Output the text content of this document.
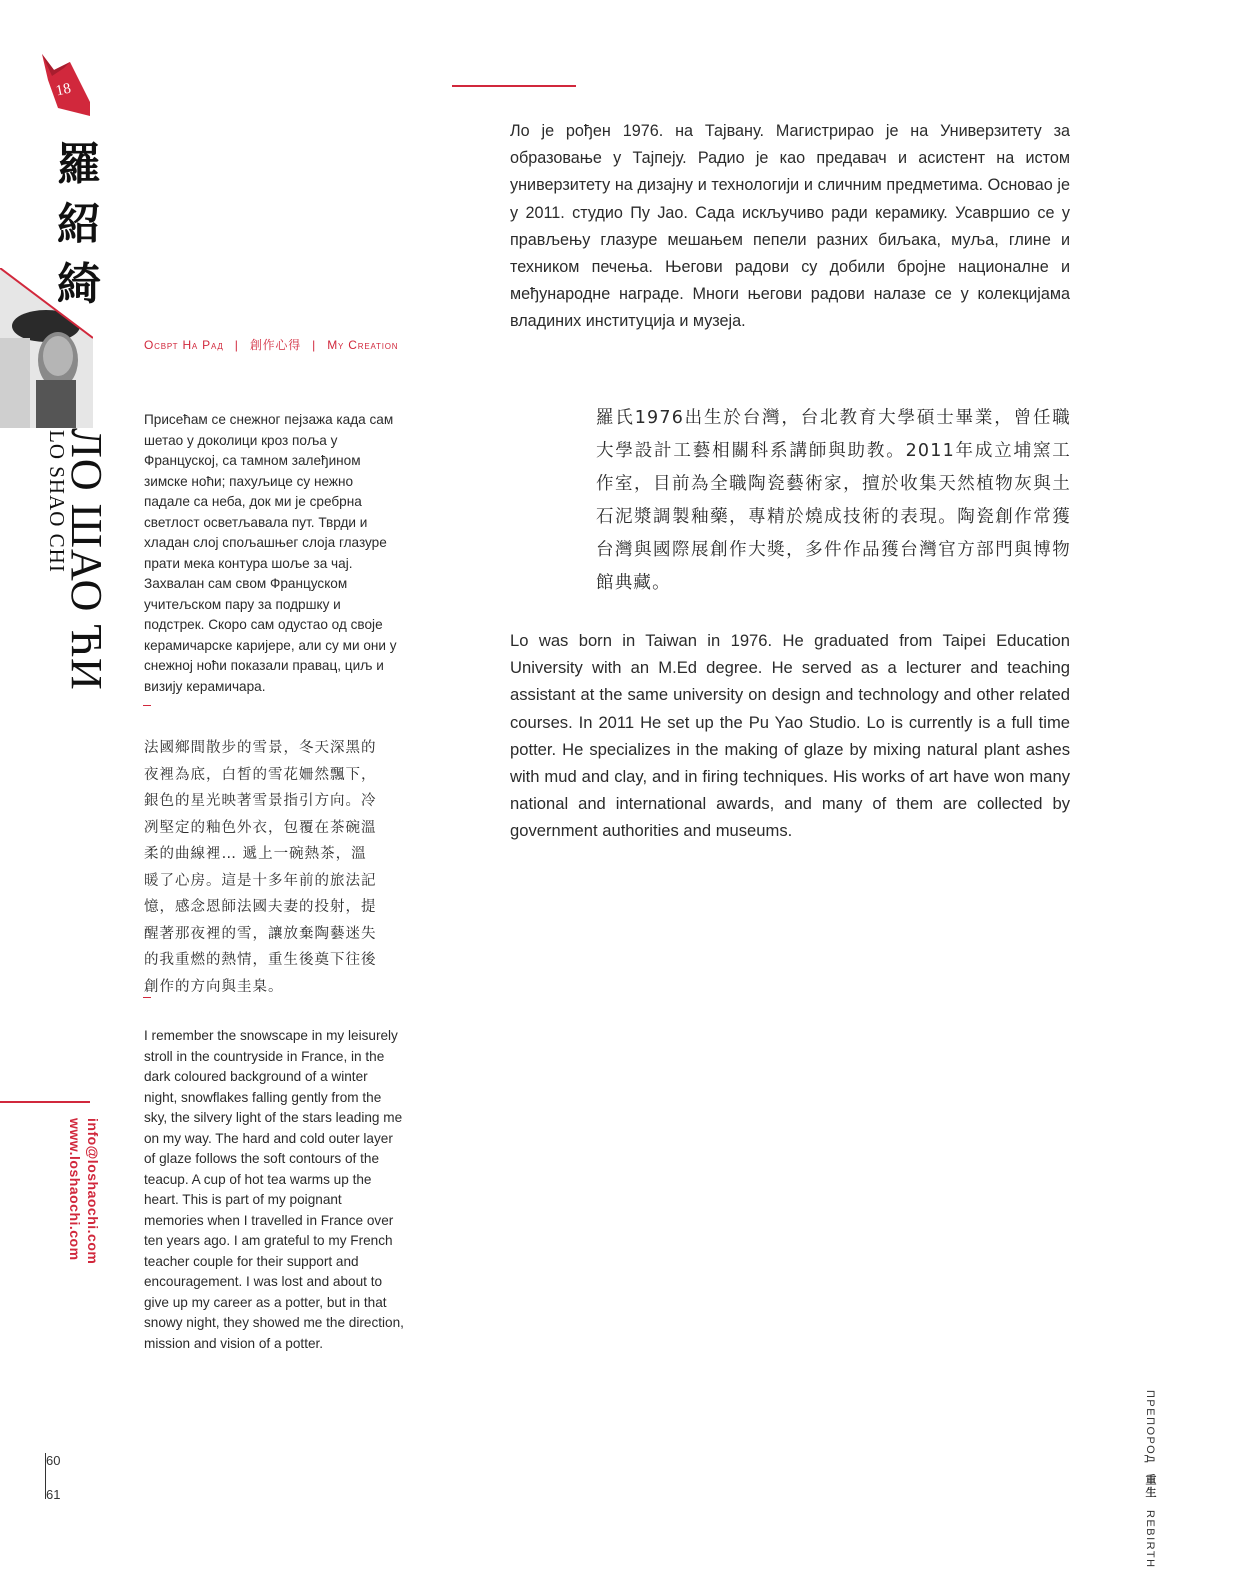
18
羅
紹
綺
ЛО ШАО ЋИ
LO SHAO CHI
info@loshaochi.com
www.loshaochi.com
60
61
Осврт На Рад | 創作心得 | My Creation
Присећам се снежног пејзажа када сам шетао у доколици кроз поља у Француској, са тамном залеђином зимске ноћи; пахуљице су нежно падале са неба, док ми је сребрна светлост осветљавала пут. Тврди и хладан слој спољашњег слоја глазуре прати мека контура шоље за чај. Захвалан сам свом Француском учитељском пару за подршку и подстрек. Скоро сам одустао од своје керамичарске каријере, али су ми они у снежној ноћи показали правац, циљ и визију керамичара.
法國鄉間散步的雪景，冬天深黑的夜裡為底，白皙的雪花姍然飄下，銀色的星光映著雪景指引方向。冷冽堅定的釉色外衣，包覆在茶碗溫柔的曲線裡… 遞上一碗熱茶，溫暖了心房。這是十多年前的旅法記憶，感念恩師法國夫妻的投射，提醒著那夜裡的雪，讓放棄陶藝迷失的我重燃的熱情，重生後奠下往後創作的方向與圭臬。
I remember the snowscape in my leisurely stroll in the countryside in France, in the dark coloured background of a winter night, snowflakes falling gently from the sky, the silvery light of the stars leading me on my way. The hard and cold outer layer of glaze follows the soft contours of the teacup. A cup of hot tea warms up the heart. This is part of my poignant memories when I travelled in France over ten years ago. I am grateful to my French teacher couple for their support and encouragement. I was lost and about to give up my career as a potter, but in that snowy night, they showed me the direction, mission and vision of a potter.
Ло је рођен 1976. на Тајвану. Магистрирао је на Универзитету за образовање у Тајпеју. Радио је као предавач и асистент на истом универзитету на дизајну и технологији и сличним предметима. Основао је у 2011. студио Пу Јао. Сада искључиво ради керамику. Усавршио се у прављењу глазуре мешањем пепели разних биљака, муља, глине и техником печења. Његови радови су добили бројне националне и међународне награде. Многи његови радови налазе се у колекцијама владиних институција и музеја.
羅氏1976出生於台灣，台北教育大學碩士畢業，曾任職大學設計工藝相關科系講師與助教。2011年成立埔窯工作室，目前為全職陶瓷藝術家，擅於收集天然植物灰與土石泥漿調製釉藥，專精於燒成技術的表現。陶瓷創作常獲台灣與國際展創作大獎，多件作品獲台灣官方部門與博物館典藏。
Lo was born in Taiwan in 1976. He graduated from Taipei Education University with an M.Ed degree. He served as a lecturer and teaching assistant at the same university on design and technology and other related courses. In 2011 He set up the Pu Yao Studio. Lo is currently is a full time potter. He specializes in the making of glaze by mixing natural plant ashes with mud and clay, and in firing techniques. His works of art have won many national and international awards, and many of them are collected by government authorities and museums.
ПРЕПОРОД 重生 REBIRTH
